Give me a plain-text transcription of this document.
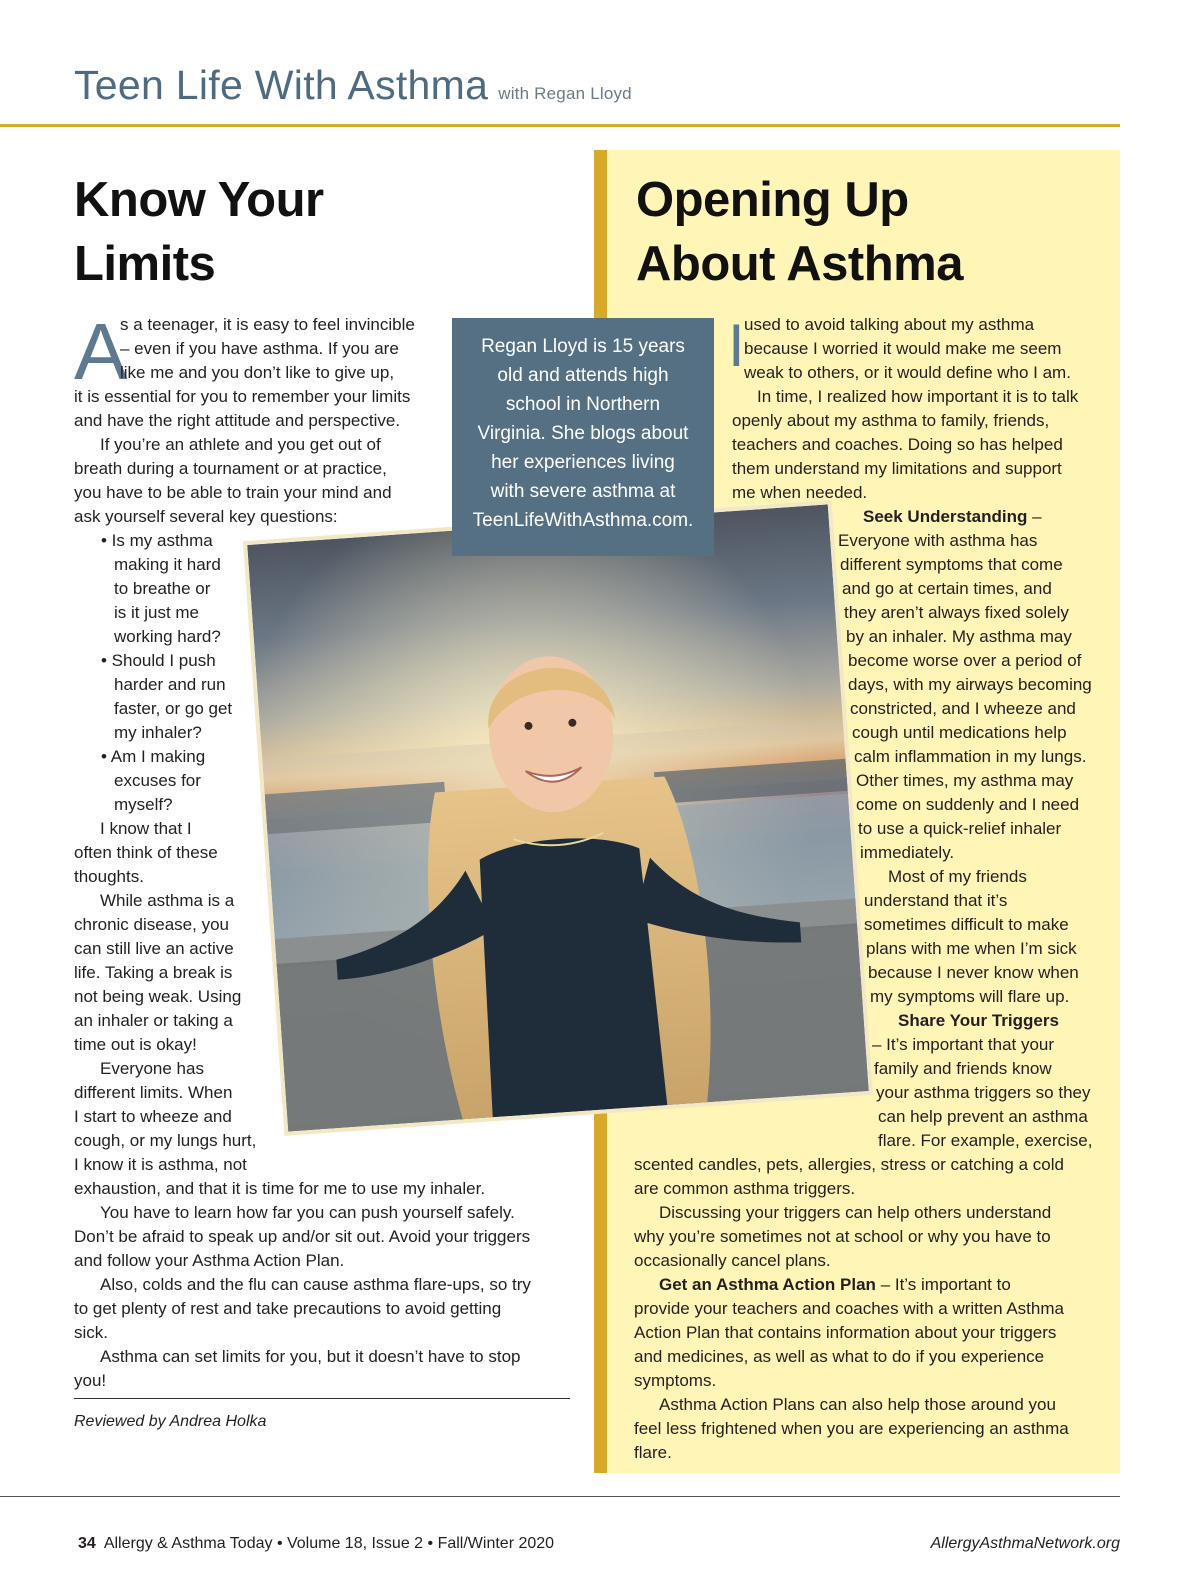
Teen Life With Asthma with Regan Lloyd
Know Your
Limits
Opening Up
About Asthma
A
s a teenager, it is easy to feel invincible
– even if you have asthma. If you are
like me and you don’t like to give up,
it is essential for you to remember your limits
and have the right attitude and perspective.
If you’re an athlete and you get out of
breath during a tournament or at practice,
you have to be able to train your mind and
ask yourself several key questions:
• Is my asthma
making it hard
to breathe or
is it just me
working hard?
• Should I push
harder and run
faster, or go get
my inhaler?
• Am I making
excuses for
myself?
I know that I
often think of these
thoughts.
While asthma is a
chronic disease, you
can still live an active
life. Taking a break is
not being weak. Using
an inhaler or taking a
time out is okay!
Everyone has
different limits. When
I start to wheeze and
cough, or my lungs hurt,
I know it is asthma, not
exhaustion, and that it is time for me to use my inhaler.
You have to learn how far you can push yourself safely.
Don’t be afraid to speak up and/or sit out. Avoid your triggers
and follow your Asthma Action Plan.
Also, colds and the flu can cause asthma flare-ups, so try
to get plenty of rest and take precautions to avoid getting
sick.
Asthma can set limits for you, but it doesn’t have to stop
you!
Reviewed by Andrea Holka
I used to avoid talking about my asthma
because I worried it would make me seem
weak to others, or it would define who I am.
In time, I realized how important it is to talk
openly about my asthma to family, friends,
teachers and coaches. Doing so has helped
them understand my limitations and support
me when needed.
Seek Understanding –
Everyone with asthma has
different symptoms that come
and go at certain times, and
they aren’t always fixed solely
by an inhaler. My asthma may
become worse over a period of
days, with my airways becoming
constricted, and I wheeze and
cough until medications help
calm inflammation in my lungs.
Other times, my asthma may
come on suddenly and I need
to use a quick-relief inhaler
immediately.
Most of my friends
understand that it’s
sometimes difficult to make
plans with me when I’m sick
because I never know when
my symptoms will flare up.
Share Your Triggers
– It’s important that your
family and friends know
your asthma triggers so they
can help prevent an asthma
flare. For example, exercise,
scented candles, pets, allergies, stress or catching a cold
are common asthma triggers.
Discussing your triggers can help others understand
why you’re sometimes not at school or why you have to
occasionally cancel plans.
Get an Asthma Action Plan – It’s important to
provide your teachers and coaches with a written Asthma
Action Plan that contains information about your triggers
and medicines, as well as what to do if you experience
symptoms.
Asthma Action Plans can also help those around you
feel less frightened when you are experiencing an asthma
flare.
Regan Lloyd is 15 years
old and attends high
school in Northern
Virginia. She blogs about
her experiences living
with severe asthma at
TeenLifeWithAsthma.com.
34 Allergy & Asthma Today • Volume 18, Issue 2 • Fall/Winter 2020	AllergyAsthmaNetwork.org
